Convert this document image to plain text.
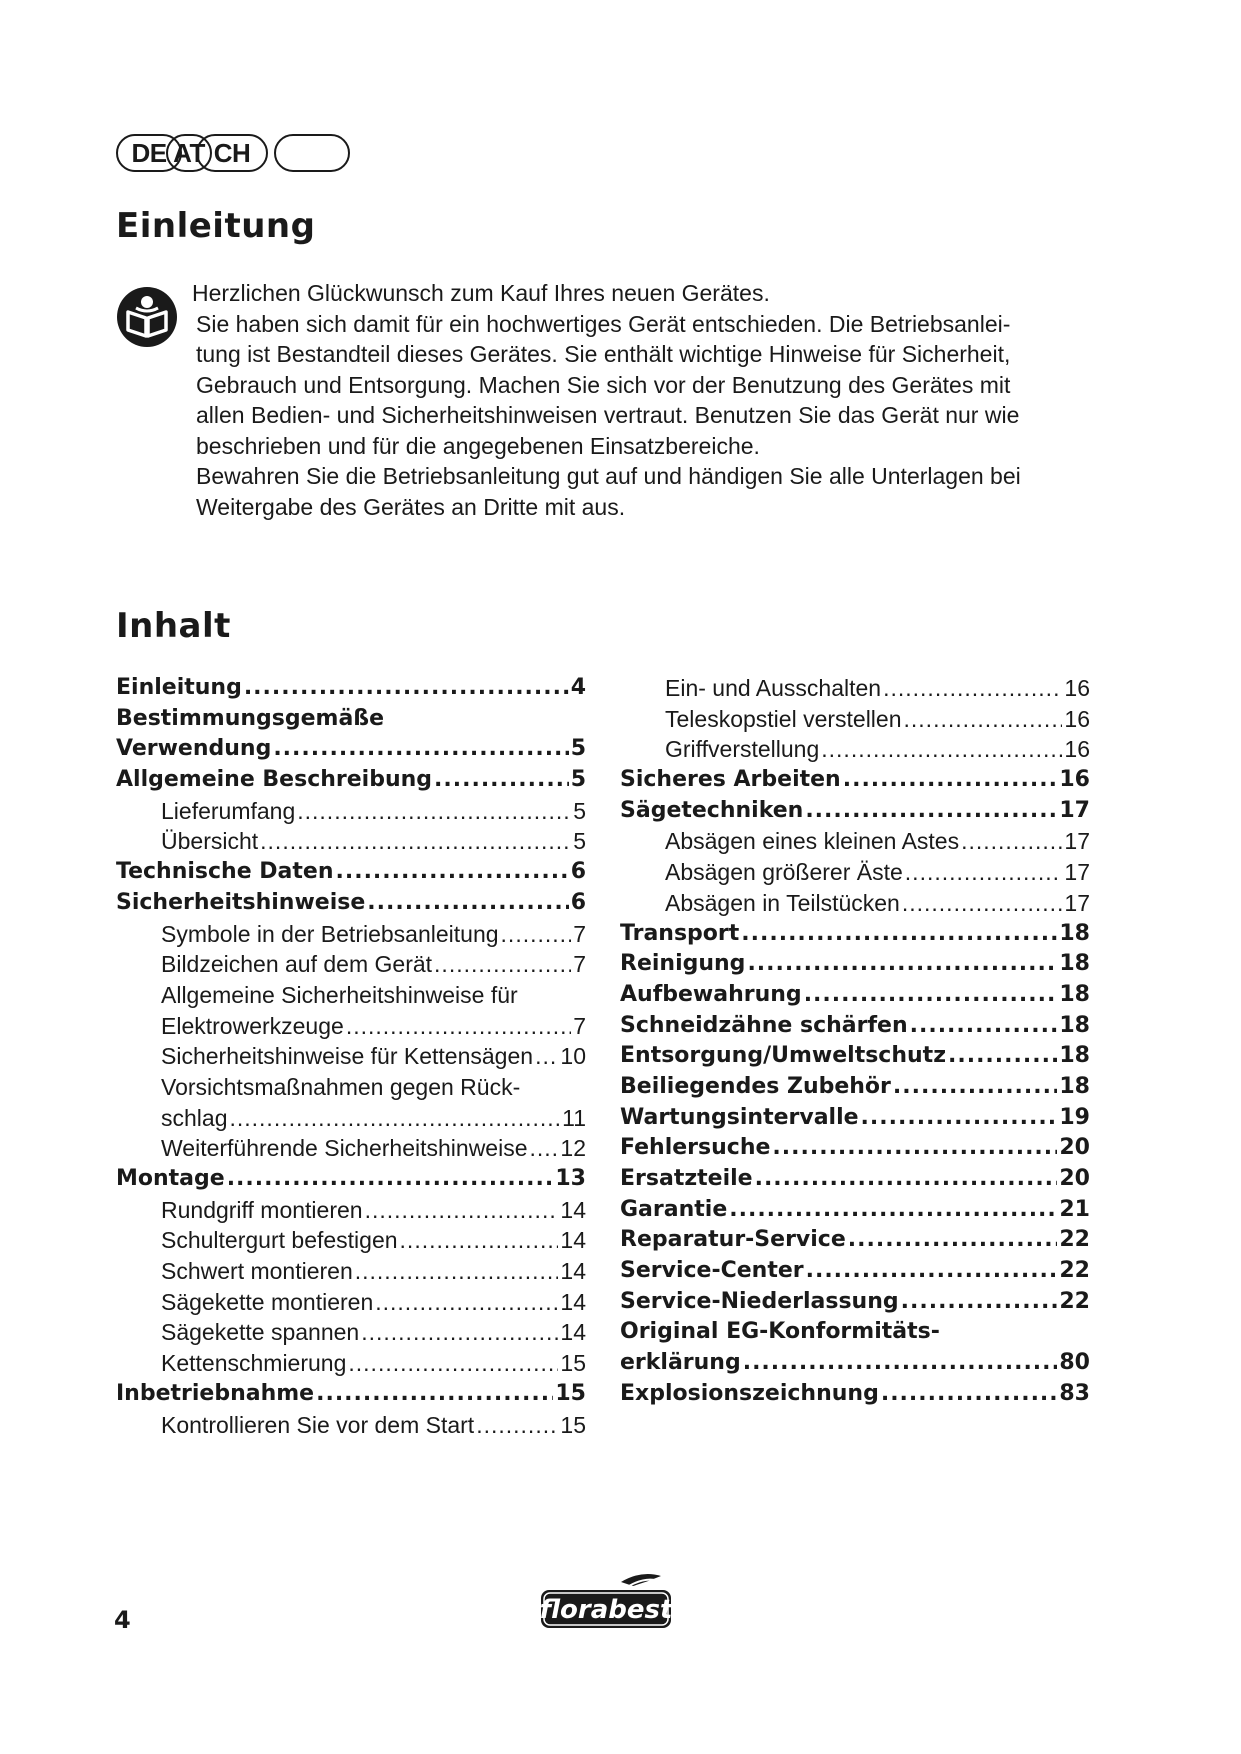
DE	CH
AT
Einleitung

Herzlichen Glückwunsch zum Kauf Ihres neuen Gerätes.

Sie haben sich damit für ein hochwertiges Gerät entschieden. Die Betriebsanlei-
tung ist Bestandteil dieses Gerätes. Sie enthält wichtige Hinweise für Sicherheit,
Gebrauch und Entsorgung. Machen Sie sich vor der Benutzung des Gerätes mit
allen Bedien- und Sicherheitshinweisen vertraut. Benutzen Sie das Gerät nur wie
beschrieben und für die angegebenen Einsatzbereiche.

Bewahren Sie die Betriebsanleitung gut auf und händigen Sie alle Unterlagen bei
Weitergabe des Gerätes an Dritte mit aus.

Inhalt
Einleitung .....	4
Bestimmungsgemäße
Verwendung .....	5
Allgemeine Beschreibung .....	5
Lieferumfang .....	5
Übersicht .....	5
Technische Daten .....	6
Sicherheitshinweise .....	6
Symbole in der Betriebsanleitung .....	7
Bildzeichen auf dem Gerät .....	7
Allgemeine Sicherheitshinweise für
Elektrowerkzeuge .....	7
Sicherheitshinweise für Kettensägen ..... 10
Vorsichtsmaßnahmen gegen Rück-
schlag .....	11
Weiterführende Sicherheitshinweise ..... 12
Montage .....	13
Rundgriff montieren .....	14
Schultergurt befestigen .....	14
Schwert montieren .....	14
Sägekette montieren .....	14
Sägekette spannen .....	14
Kettenschmierung .....	15
Inbetriebnahme .....	15
Kontrollieren Sie vor dem Start .....	15
Ein- und Ausschalten .....	16
Teleskopstiel verstellen .....	16
Griffverstellung .....	16
Sicheres Arbeiten .....	16
Sägetechniken .....	17
Absägen eines kleinen Astes .....	17
Absägen größerer Äste .....	17
Absägen in Teilstücken .....	17
Transport .....	18
Reinigung .....	18
Aufbewahrung .....	18
Schneidzähne schärfen .....	18
Entsorgung/Umweltschutz .....	18
Beiliegendes Zubehör .....	18
Wartungsintervalle .....	19
Fehlersuche .....	20
Ersatzteile .....	20
Garantie .....	21
Reparatur-Service .....	22
Service-Center .....	22
Service-Niederlassung .....	22
Original EG-Konformitäts-
erklärung .....	80
Explosionszeichnung .....	83
4	florabest
